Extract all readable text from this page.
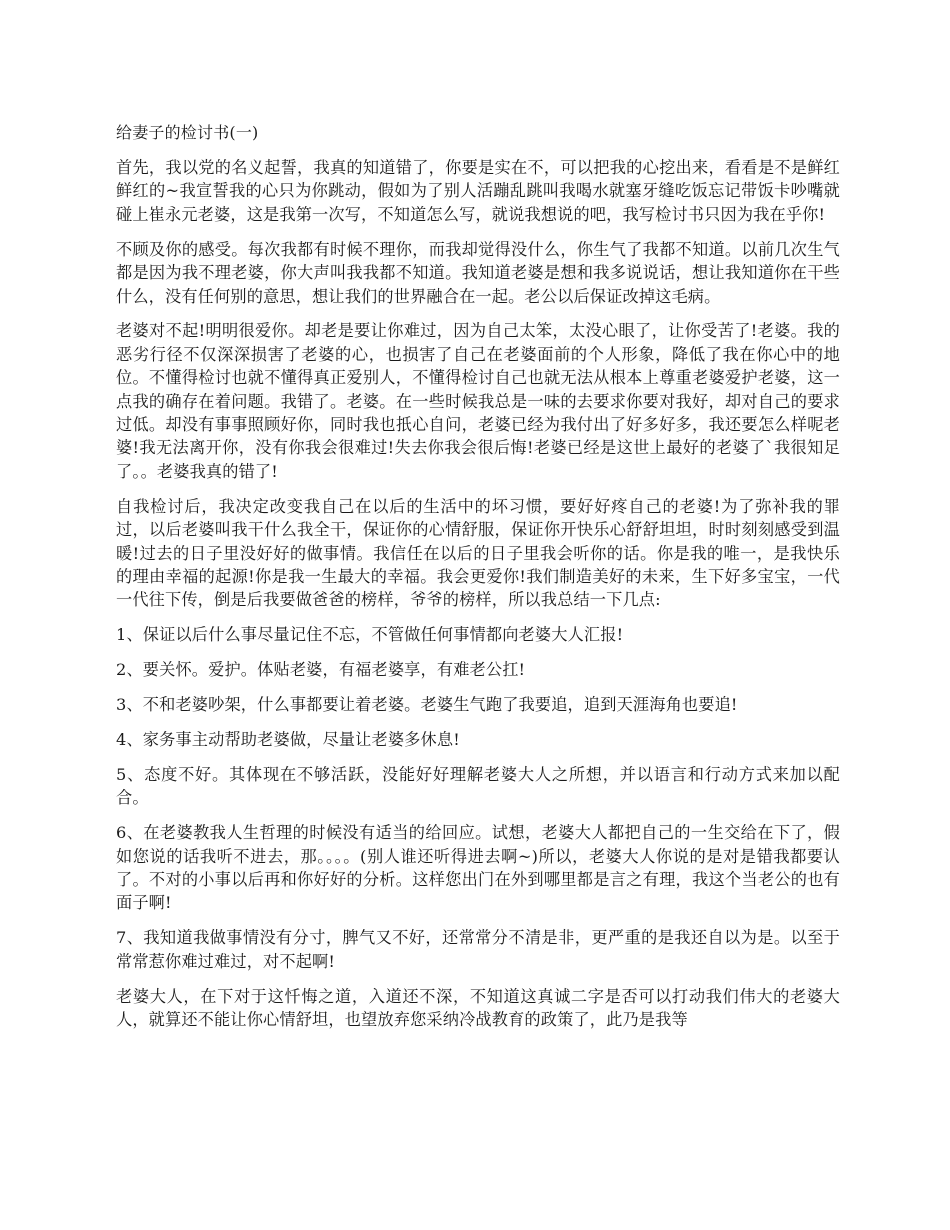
给妻子的检讨书(一)

首先，我以党的名义起誓，我真的知道错了，你要是实在不，可以把我的心挖出来，看看是不是鲜红鲜红的~我宣誓我的心只为你跳动，假如为了别人活蹦乱跳叫我喝水就塞牙缝吃饭忘记带饭卡吵嘴就碰上崔永元老婆，这是我第一次写，不知道怎么写，就说我想说的吧，我写检讨书只因为我在乎你!

不顾及你的感受。每次我都有时候不理你，而我却觉得没什么，你生气了我都不知道。以前几次生气都是因为我不理老婆，你大声叫我我都不知道。我知道老婆是想和我多说说话，想让我知道你在干些什么，没有任何别的意思，想让我们的世界融合在一起。老公以后保证改掉这毛病。

老婆对不起!明明很爱你。却老是要让你难过，因为自己太笨，太没心眼了，让你受苦了!老婆。我的恶劣行径不仅深深损害了老婆的心，也损害了自己在老婆面前的个人形象，降低了我在你心中的地位。不懂得检讨也就不懂得真正爱别人，不懂得检讨自己也就无法从根本上尊重老婆爱护老婆，这一点我的确存在着问题。我错了。老婆。在一些时候我总是一味的去要求你要对我好，却对自己的要求过低。却没有事事照顾好你，同时我也扺心自问，老婆已经为我付出了好多好多，我还要怎么样呢老婆!我无法离开你，没有你我会很难过!失去你我会很后悔!老婆已经是这世上最好的老婆了`我很知足了。。老婆我真的错了!

自我检讨后，我决定改变我自己在以后的生活中的坏习惯，要好好疼自己的老婆!为了弥补我的罪过，以后老婆叫我干什么我全干，保证你的心情舒服，保证你开快乐心舒舒坦坦，时时刻刻感受到温暖!过去的日子里没好好的做事情。我信任在以后的日子里我会听你的话。你是我的唯一，是我快乐的理由幸福的起源!你是我一生最大的幸福。我会更爱你!我们制造美好的未来，生下好多宝宝，一代一代往下传，倒是后我要做爸爸的榜样，爷爷的榜样，所以我总结一下几点:

1、保证以后什么事尽量记住不忘，不管做任何事情都向老婆大人汇报!

2、要关怀。爱护。体贴老婆，有福老婆享，有难老公扛!

3、不和老婆吵架，什么事都要让着老婆。老婆生气跑了我要追，追到天涯海角也要追!

4、家务事主动帮助老婆做，尽量让老婆多休息!

5、态度不好。其体现在不够活跃，没能好好理解老婆大人之所想，并以语言和行动方式来加以配合。

6、在老婆教我人生哲理的时候没有适当的给回应。试想，老婆大人都把自己的一生交给在下了，假如您说的话我听不进去，那。。。。(别人谁还听得进去啊~)所以，老婆大人你说的是对是错我都要认了。不对的小事以后再和你好好的分析。这样您出门在外到哪里都是言之有理，我这个当老公的也有面子啊!

7、我知道我做事情没有分寸，脾气又不好，还常常分不清是非，更严重的是我还自以为是。以至于常常惹你难过难过，对不起啊!

老婆大人，在下对于这忏悔之道，入道还不深，不知道这真诚二字是否可以打动我们伟大的老婆大人，就算还不能让你心情舒坦，也望放弃您采纳冷战教育的政策了，此乃是我等
